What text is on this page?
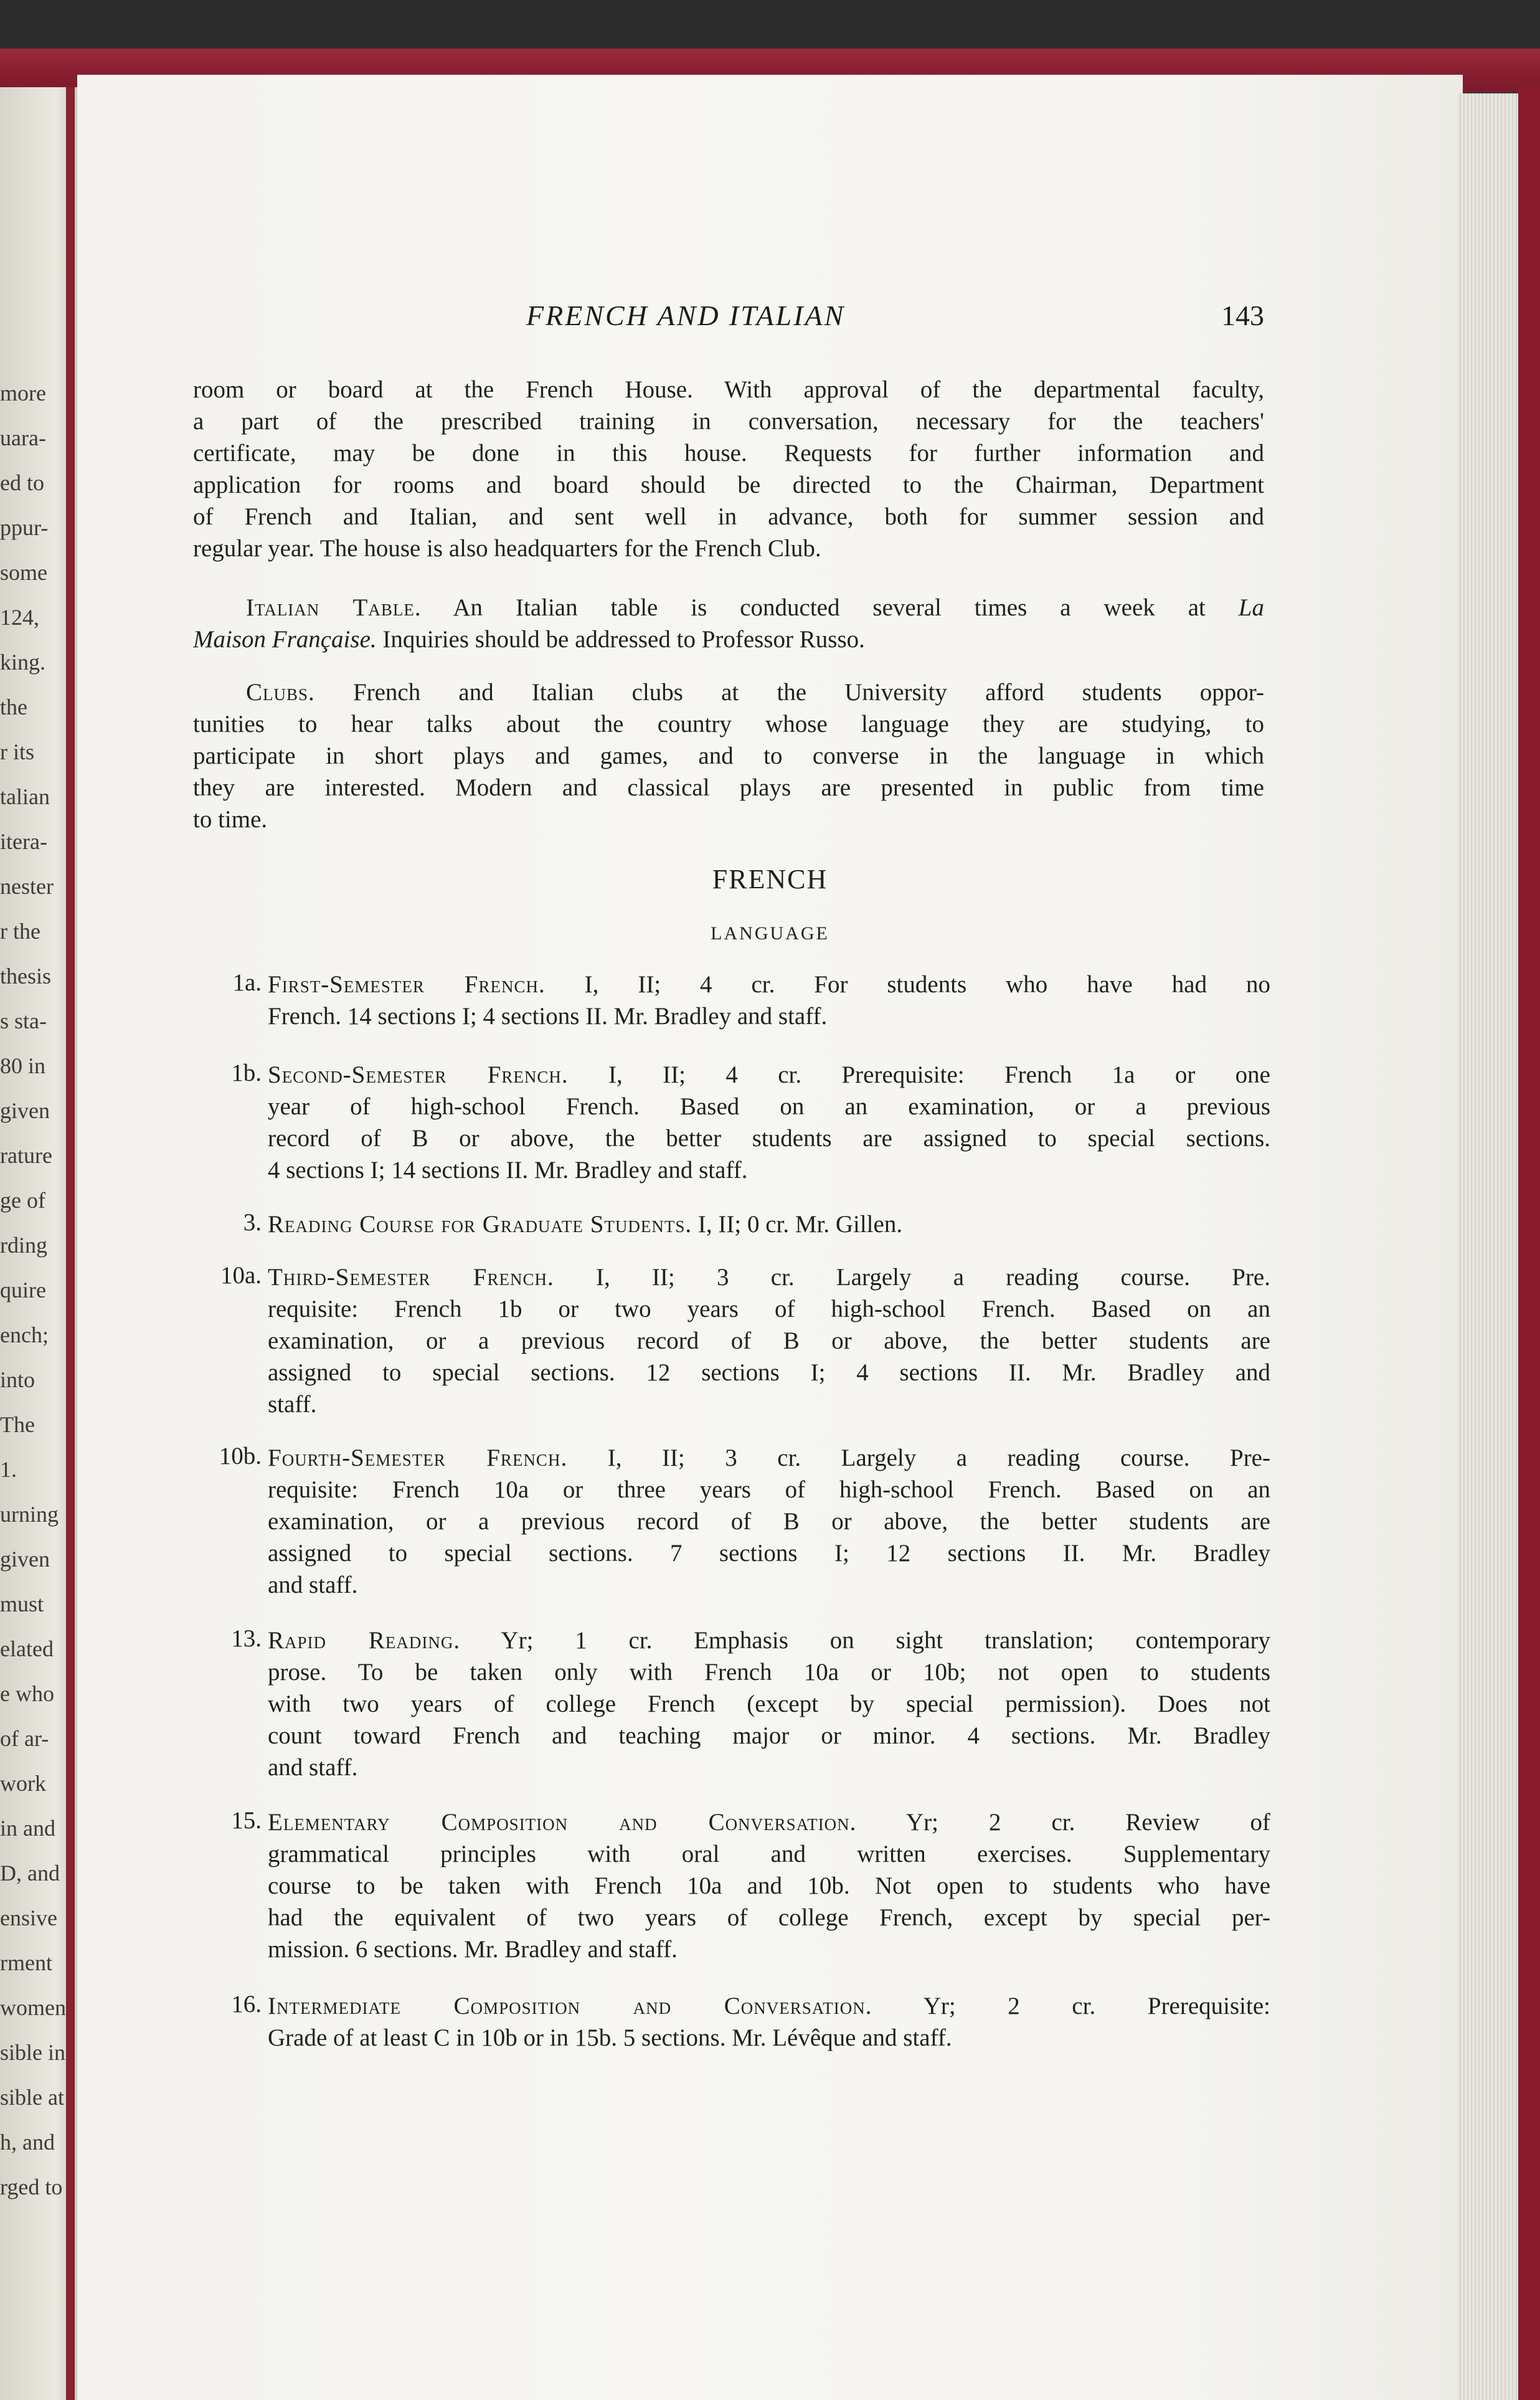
more
uara-
ed to
ppur-
some
124,
king.
the
r its
talian
itera-
nester
r the
thesis
s sta-
80 in
given
rature
ge of
rding
quire
ench;
into
The
1.
urning
given
must
elated
e who
of ar-
work
in and
D, and
ensive
rment
women
sible in
sible at
h, and
rged to
FRENCH AND ITALIAN	143
room or board at the French House. With approval of the departmental faculty,
a part of the prescribed training in conversation, necessary for the teachers'
certificate, may be done in this house. Requests for further information and
application for rooms and board should be directed to the Chairman, Department
of French and Italian, and sent well in advance, both for summer session and
regular year. The house is also headquarters for the French Club.
Italian Table. An Italian table is conducted several times a week at La
Maison Française. Inquiries should be addressed to Professor Russo.
Clubs. French and Italian clubs at the University afford students oppor-
tunities to hear talks about the country whose language they are studying, to
participate in short plays and games, and to converse in the language in which
they are interested. Modern and classical plays are presented in public from time
to time.
FRENCH
LANGUAGE
1a. First-Semester French. I, II; 4 cr. For students who have had no
French. 14 sections I; 4 sections II. Mr. Bradley and staff.
1b. Second-Semester French. I, II; 4 cr. Prerequisite: French 1a or one
year of high-school French. Based on an examination, or a previous
record of B or above, the better students are assigned to special sections.
4 sections I; 14 sections II. Mr. Bradley and staff.
3. Reading Course for Graduate Students. I, II; 0 cr. Mr. Gillen.
10a. Third-Semester French. I, II; 3 cr. Largely a reading course. Pre.
requisite: French 1b or two years of high-school French. Based on an
examination, or a previous record of B or above, the better students are
assigned to special sections. 12 sections I; 4 sections II. Mr. Bradley and
staff.
10b. Fourth-Semester French. I, II; 3 cr. Largely a reading course. Pre-
requisite: French 10a or three years of high-school French. Based on an
examination, or a previous record of B or above, the better students are
assigned to special sections. 7 sections I; 12 sections II. Mr. Bradley
and staff.
13. Rapid Reading. Yr; 1 cr. Emphasis on sight translation; contemporary
prose. To be taken only with French 10a or 10b; not open to students
with two years of college French (except by special permission). Does not
count toward French and teaching major or minor. 4 sections. Mr. Bradley
and staff.
15. Elementary Composition and Conversation. Yr; 2 cr. Review of
grammatical principles with oral and written exercises. Supplementary
course to be taken with French 10a and 10b. Not open to students who have
had the equivalent of two years of college French, except by special per-
mission. 6 sections. Mr. Bradley and staff.
16. Intermediate Composition and Conversation. Yr; 2 cr. Prerequisite:
Grade of at least C in 10b or in 15b. 5 sections. Mr. Lévêque and staff.
